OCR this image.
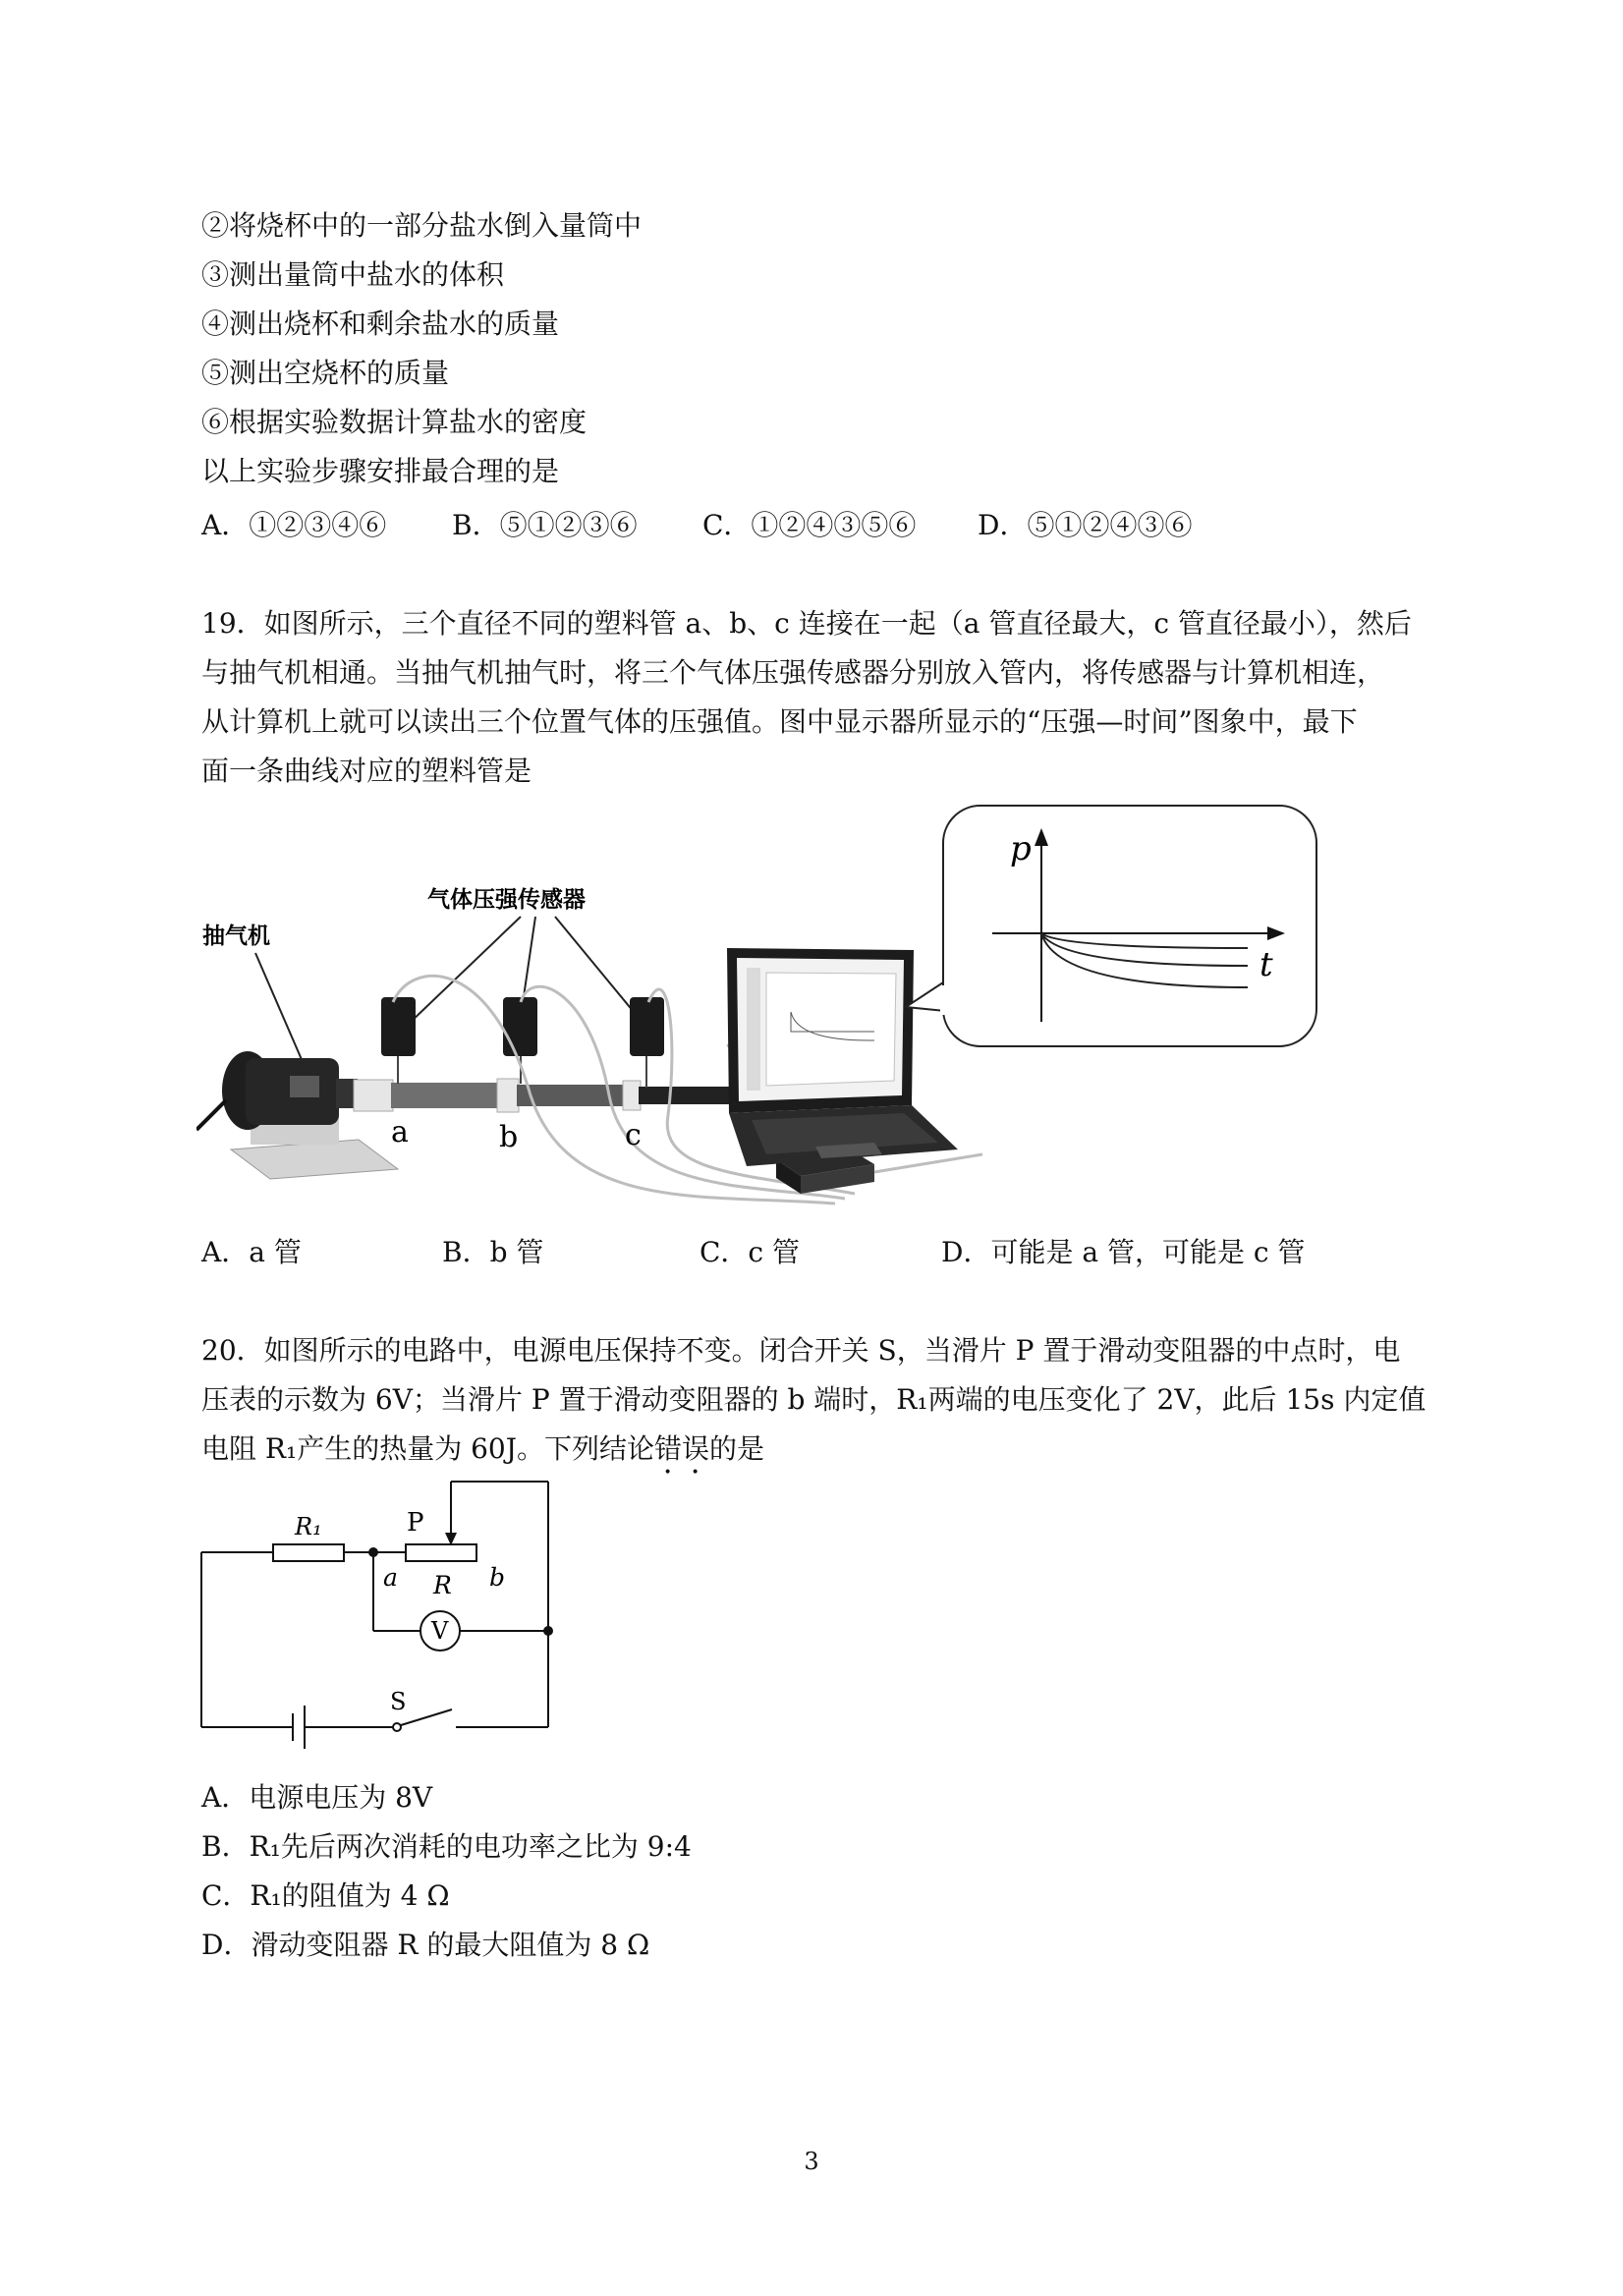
②将烧杯中的一部分盐水倒入量筒中
③测出量筒中盐水的体积
④测出烧杯和剩余盐水的质量
⑤测出空烧杯的质量
⑥根据实验数据计算盐水的密度
以上实验步骤安排最合理的是
A．①②③④⑥ B．⑤①②③⑥ C．①②④③⑤⑥ D．⑤①②④③⑥
19．如图所示，三个直径不同的塑料管 a、b、c 连接在一起（a 管直径最大，c 管直径最小），然后
与抽气机相通。当抽气机抽气时，将三个气体压强传感器分别放入管内，将传感器与计算机相连，
从计算机上就可以读出三个位置气体的压强值。图中显示器所显示的“压强—时间”图象中，最下
面一条曲线对应的塑料管是
抽气机
气体压强传感器
p
t
a	b	c
A．a 管	B．b 管	C．c 管	D．可能是 a 管，可能是 c 管
20．如图所示的电路中，电源电压保持不变。闭合开关 S，当滑片 P 置于滑动变阻器的中点时，电
压表的示数为 6V；当滑片 P 置于滑动变阻器的 b 端时，R₁两端的电压变化了 2V，此后 15s 内定值
电阻 R₁产生的热量为 60J。下列结论错误的是
R₁	P
a R b
V
S
A．电源电压为 8V
B．R₁先后两次消耗的电功率之比为 9:4
C．R₁的阻值为 4 Ω
D．滑动变阻器 R 的最大阻值为 8 Ω
3
